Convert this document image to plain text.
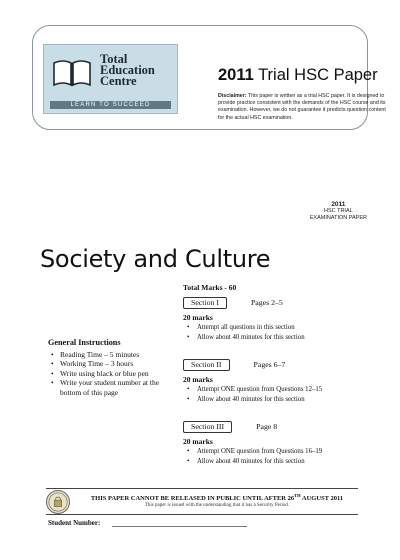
Total
Education
Centre
LEARN TO SUCCEED
2011 Trial HSC Paper
Disclaimer: This paper is written as a trial HSC paper. It is designed to provide practice consistent with the demands of the HSC course and its examination. However, we do not guarantee it predicts question content for the actual HSC examination.
2011
HSC TRIAL
EXAMINATION PAPER
Society and Culture
General Instructions
• Reading Time – 5 minutes
• Working Time – 3 hours
• Write using black or blue pen
• Write your student number at the bottom of this page
Total Marks - 60
Section I	Pages 2–5
20 marks
• Attempt all questions in this section
• Allow about 40 minutes for this section
Section II	Pages 6–7
20 marks
• Attempt ONE question from Questions 12–15
• Allow about 40 minutes for this section
Section III	Page 8
20 marks
• Attempt ONE question from Questions 16–19
• Allow about 40 minutes for this section
THIS PAPER CANNOT BE RELEASED IN PUBLIC UNTIL AFTER 26TH AUGUST 2011
This paper is issued with the understanding that it has a Security Period.
Student Number:
